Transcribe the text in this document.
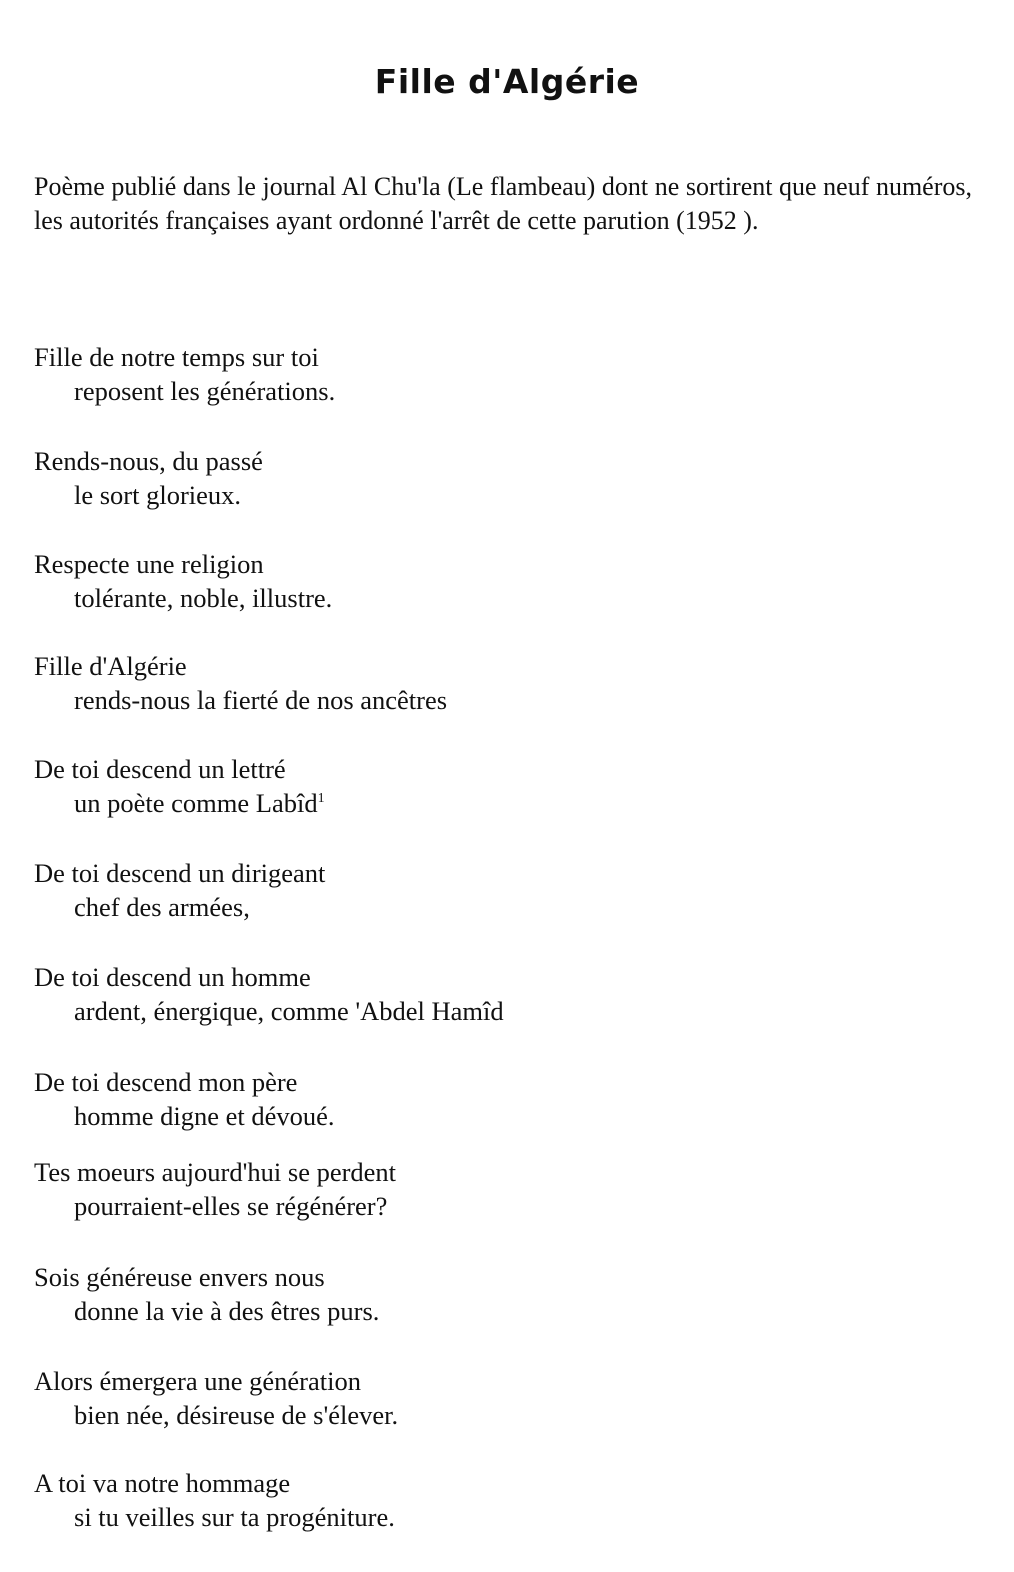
Fille d'Algérie

Poème publié dans le journal Al Chu'la (Le flambeau) dont ne sortirent que neuf numéros, les autorités françaises ayant ordonné l'arrêt de cette parution (1952 ).

Fille de notre temps sur toi
reposent les générations.
Rends-nous, du passé
le sort glorieux.
Respecte une religion
tolérante, noble, illustre.
Fille d'Algérie
rends-nous la fierté de nos ancêtres
De toi descend un lettré
un poète comme Labîd$^1$
De toi descend un dirigeant
chef des armées,
De toi descend un homme
ardent, énergique, comme 'Abdel Hamîd
De toi descend mon père
homme digne et dévoué.
Tes moeurs aujourd'hui se perdent
pourraient-elles se régénérer?
Sois généreuse envers nous
donne la vie à des êtres purs.
Alors émergera une génération
bien née, désireuse de s'élever.
A toi va notre hommage
si tu veilles sur ta progéniture.
